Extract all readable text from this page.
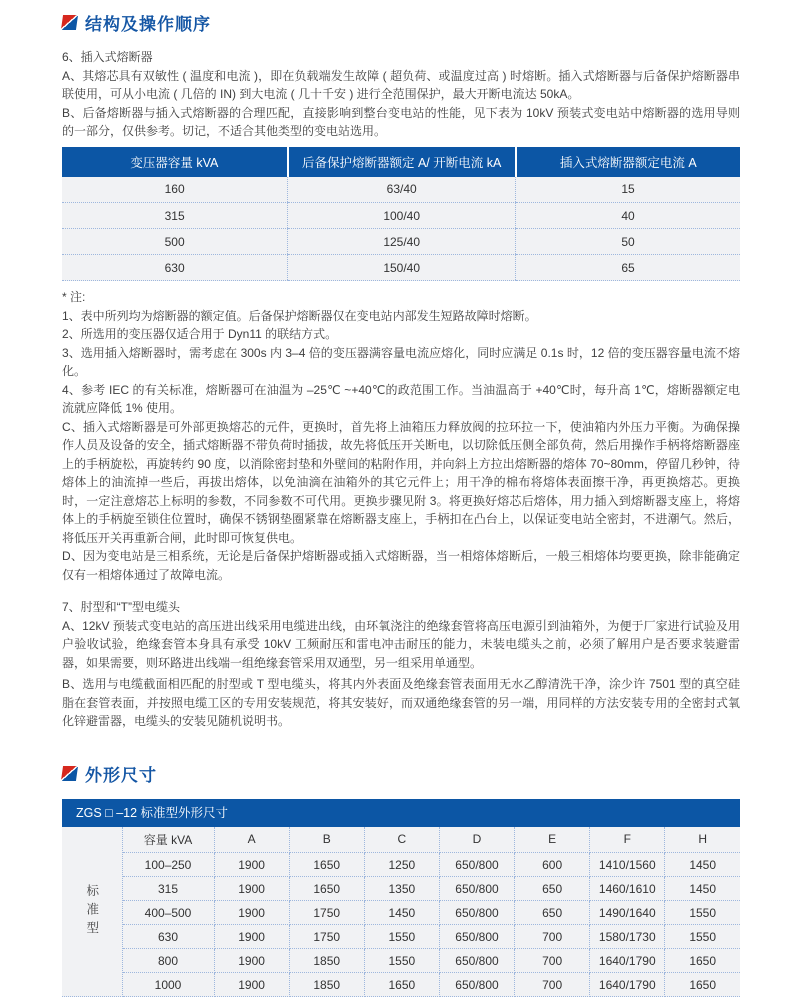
结构及操作顺序

6、插入式熔断器

A、其熔芯具有双敏性 ( 温度和电流 )，即在负载端发生故障 ( 超负荷、或温度过高 ) 时熔断。插入式熔断器与后备保护熔断器串联使用，可从小电流 ( 几倍的 IN) 到大电流 ( 几十千安 ) 进行全范围保护，最大开断电流达 50kA。

B、后备熔断器与插入式熔断器的合理匹配，直接影响到整台变电站的性能，见下表为 10kV 预装式变电站中熔断器的选用导则的一部分，仅供参考。切记，不适合其他类型的变电站选用。

变压器容量 kVA	后备保护熔断器额定 A/ 开断电流 kA	插入式熔断器额定电流 A
160	63/40	15
315	100/40	40
500	125/40	50
630	150/40	65

* 注:

1、表中所列均为熔断器的额定值。后备保护熔断器仅在变电站内部发生短路故障时熔断。

2、所选用的变压器仅适合用于 Dyn11 的联结方式。

3、选用插入熔断器时，需考虑在 300s 内 3–4 倍的变压器满容量电流应熔化，同时应满足 0.1s 时，12 倍的变压器容量电流不熔化。

4、参考 IEC 的有关标准，熔断器可在油温为 –25℃ ~+40℃的政范围工作。当油温高于 +40℃时，每升高 1℃，熔断器额定电流就应降低 1% 使用。

C、插入式熔断器是可外部更换熔芯的元件，更换时，首先将上油箱压力释放阀的拉环拉一下，使油箱内外压力平衡。为确保操作人员及设备的安全，插式熔断器不带负荷时插拔，故先将低压开关断电，以切除低压侧全部负荷，然后用操作手柄将熔断器座上的手柄旋松，再旋转约 90 度，以消除密封垫和外壁间的粘附作用，并向斜上方拉出熔断器的熔体 70~80mm，停留几秒钟，待熔体上的油流掉一些后，再拔出熔体，以免油滴在油箱外的其它元件上；用干净的棉布将熔体表面擦干净，再更换熔芯。更换时，一定注意熔芯上标明的参数，不同参数不可代用。更换步骤见附 3。将更换好熔芯后熔体，用力插入到熔断器支座上，将熔体上的手柄旋至锁住位置时，确保不锈钢垫圈紧靠在熔断器支座上，手柄扣在凸台上，以保证变电站全密封，不进潮气。然后，将低压开关再重新合闸，此时即可恢复供电。

D、因为变电站是三相系统，无论是后备保护熔断器或插入式熔断器，当一相熔体熔断后，一般三相熔体均要更换，除非能确定仅有一相熔体通过了故障电流。

7、肘型和“T”型电缆头

A、12kV 预装式变电站的高压进出线采用电缆进出线，由环氧浇注的绝缘套管将高压电源引到油箱外，为便于厂家进行试验及用户验收试验，绝缘套管本身具有承受 10kV 工频耐压和雷电冲击耐压的能力，未装电缆头之前，必须了解用户是否要求装避雷器，如果需要，则环路进出线端一组绝缘套管采用双通型，另一组采用单通型。

B、选用与电缆截面相匹配的肘型或 T 型电缆头，将其内外表面及绝缘套管表面用无水乙醇清洗干净，涂少许 7501 型的真空硅脂在套管表面，并按照电缆工区的专用安装规范，将其安装好，而双通绝缘套管的另一端，用同样的方法安装专用的全密封式氧化锌避雷器，电缆头的安装见随机说明书。

外形尺寸
ZGS □ –12 标准型外形尺寸
标准型	容量 kVA	A	B	C	D	E	F	H
	100–250	1900	1650	1250	650/800	600	1410/1560	1450
	315	1900	1650	1350	650/800	650	1460/1610	1450
	400–500	1900	1750	1450	650/800	650	1490/1640	1550
	630	1900	1750	1550	650/800	700	1580/1730	1550
	800	1900	1850	1550	650/800	700	1640/1790	1650
	1000	1900	1850	1650	650/800	700	1640/1790	1650
